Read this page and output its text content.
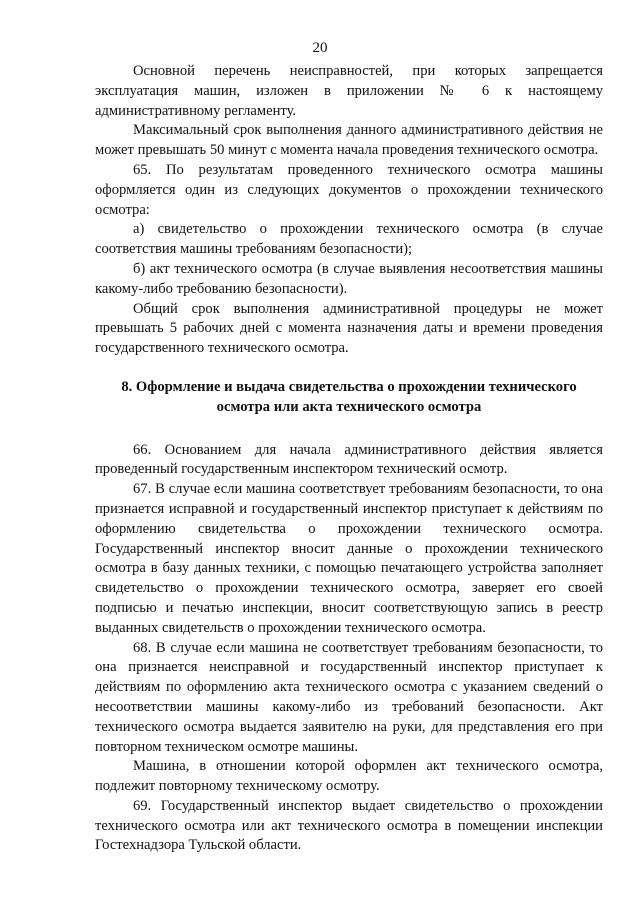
20

Основной перечень неисправностей, при которых запрещается эксплуатация машин, изложен в приложении № 6 к настоящему административному регламенту.

Максимальный срок выполнения данного административного действия не может превышать 50 минут с момента начала проведения технического осмотра.

65. По результатам проведенного технического осмотра машины оформляется один из следующих документов о прохождении технического осмотра:

а) свидетельство о прохождении технического осмотра (в случае соответствия машины требованиям безопасности);

б) акт технического осмотра (в случае выявления несоответствия машины какому-либо требованию безопасности).

Общий срок выполнения административной процедуры не может превышать 5 рабочих дней с момента назначения даты и времени проведения государственного технического осмотра.

8. Оформление и выдача свидетельства о прохождении технического
осмотра или акта технического осмотра

66. Основанием для начала административного действия является проведенный государственным инспектором технический осмотр.

67. В случае если машина соответствует требованиям безопасности, то она признается исправной и государственный инспектор приступает к действиям по оформлению свидетельства о прохождении технического осмотра. Государственный инспектор вносит данные о прохождении технического осмотра в базу данных техники, с помощью печатающего устройства заполняет свидетельство о прохождении технического осмотра, заверяет его своей подписью и печатью инспекции, вносит соответствующую запись в реестр выданных свидетельств о прохождении технического осмотра.

68. В случае если машина не соответствует требованиям безопасности, то она признается неисправной и государственный инспектор приступает к действиям по оформлению акта технического осмотра с указанием сведений о несоответствии машины какому-либо из требований безопасности. Акт технического осмотра выдается заявителю на руки, для представления его при повторном техническом осмотре машины.

Машина, в отношении которой оформлен акт технического осмотра, подлежит повторному техническому осмотру.

69. Государственный инспектор выдает свидетельство о прохождении технического осмотра или акт технического осмотра в помещении инспекции Гостехнадзора Тульской области.
